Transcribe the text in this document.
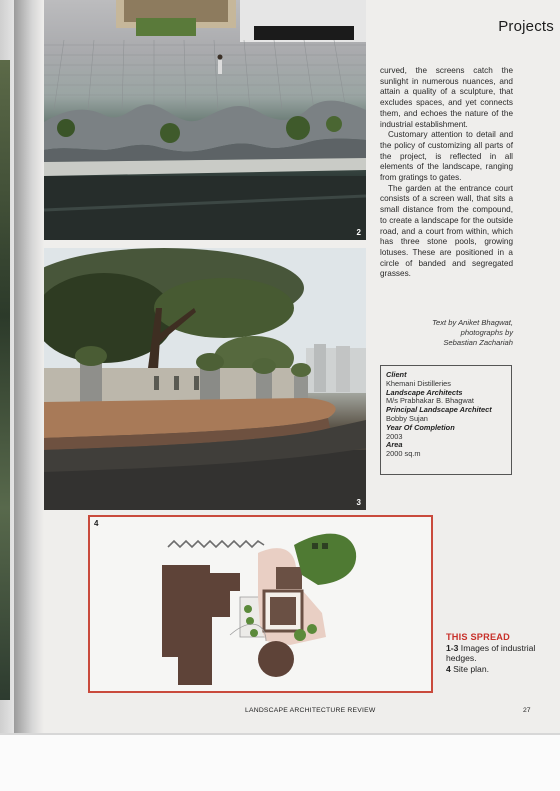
Projects
2
3

curved, the screens catch the sunlight in numerous nuances, and attain a quality of a sculpture, that excludes spaces, and yet connects them, and echoes the nature of the industrial establishment.

Customary attention to detail and the policy of customizing all parts of the project, is reflected in all elements of the landscape, ranging from gratings to gates.

The garden at the entrance court consists of a screen wall, that sits a small distance from the compound, to create a landscape for the outside road, and a court from within, which has three stone pools, growing lotuses. These are positioned in a circle of banded and segregated grasses.

Text by Aniket Bhagwat,
photographs by
Sebastian Zachariah
Client
Khemani Distilleries
Landscape Architects
M/s Prabhakar B. Bhagwat
Principal Landscape Architect
Bobby Sujan
Year Of Completion
2003
Area
2000 sq.m
4
THIS SPREAD
1-3 Images of industrial hedges.
4 Site plan.
LANDSCAPE ARCHITECTURE REVIEW	27
